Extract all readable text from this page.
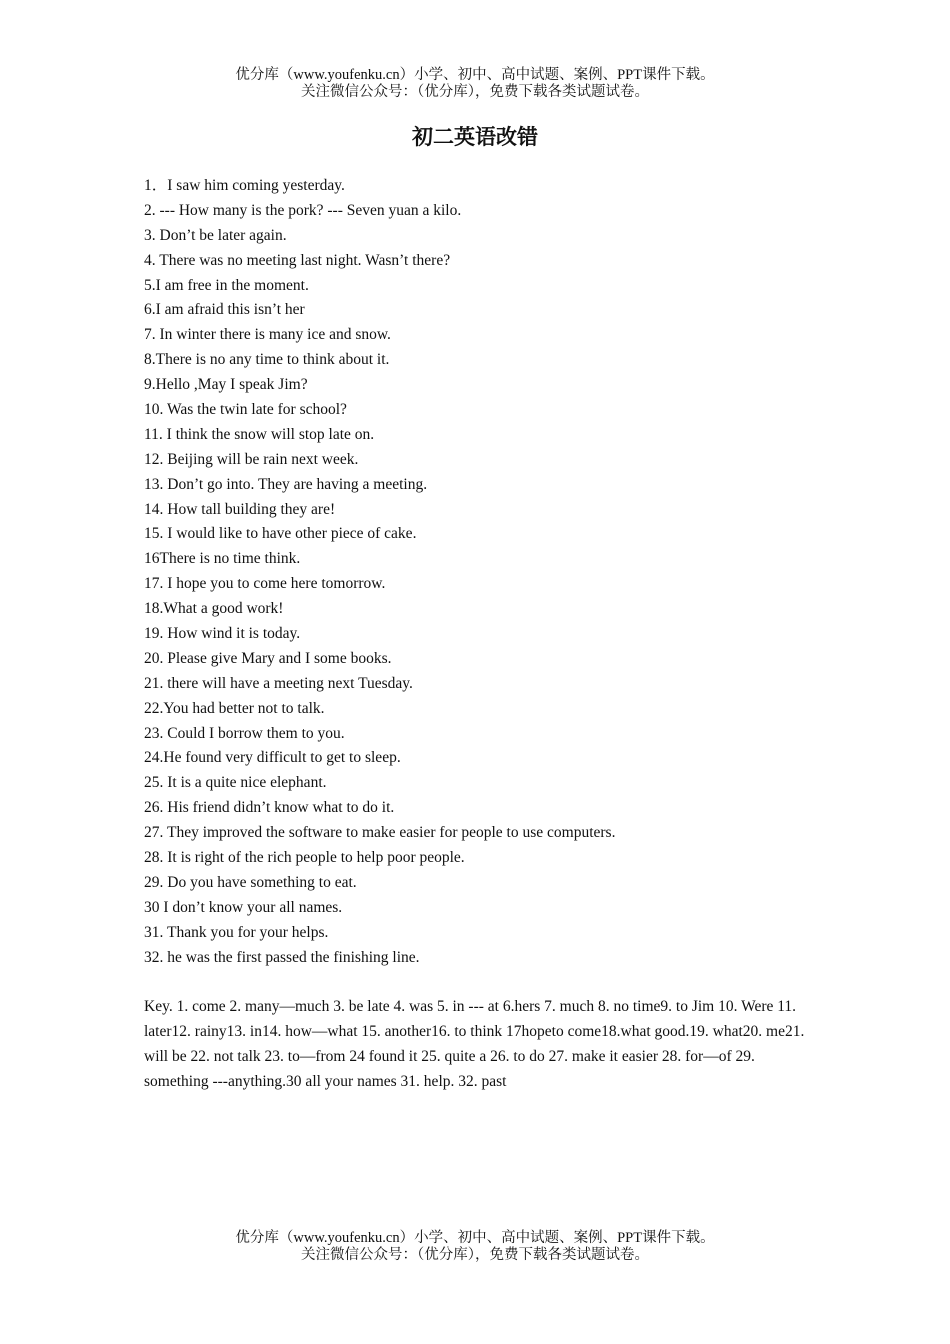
优分库（www.youfenku.cn）小学、初中、高中试题、案例、PPT课件下载。
关注微信公众号：（优分库），免费下载各类试题试卷。
初二英语改错
1．I saw him coming yesterday.
2. --- How many is the pork? --- Seven yuan a kilo.
3. Don’t be later again.
4. There was no meeting last night. Wasn’t there?
5.I am free in the moment.
6.I am afraid this isn’t her
7. In winter there is many ice and snow.
8.There is no any time to think about it.
9.Hello ,May I speak Jim?
10. Was the twin late for school?
11. I think the snow will stop late on.
12. Beijing will be rain next week.
13. Don’t go into. They are having a meeting.
14. How tall building they are!
15. I would like to have other piece of cake.
16There is no time think.
17. I hope you to come here tomorrow.
18.What a good work!
19. How wind it is today.
20. Please give Mary and I some books.
21. there will have a meeting next Tuesday.
22.You had better not to talk.
23. Could I borrow them to you.
24.He found very difficult to get to sleep.
25. It is a quite nice elephant.
26. His friend didn’t know what to do it.
27. They improved the software to make easier for people to use computers.
28. It is right of the rich people to help poor people.
29. Do you have something to eat.
30 I don’t know your all names.
31. Thank you for your helps.
32. he was the first passed the finishing line.

Key. 1. come 2. many—much 3. be late 4. was 5. in --- at 6.hers 7. much 8. no time9. to Jim 10. Were 11. later12. rainy13. in14. how—what 15. another16. to think 17hopeto come18.what good.19. what20. me21. will be 22. not talk 23. to—from 24 found it 25. quite a 26. to do 27. make it easier 28. for—of 29. something ---anything.30 all your names 31. help. 32. past

优分库（www.youfenku.cn）小学、初中、高中试题、案例、PPT课件下载。
关注微信公众号：（优分库），免费下载各类试题试卷。
